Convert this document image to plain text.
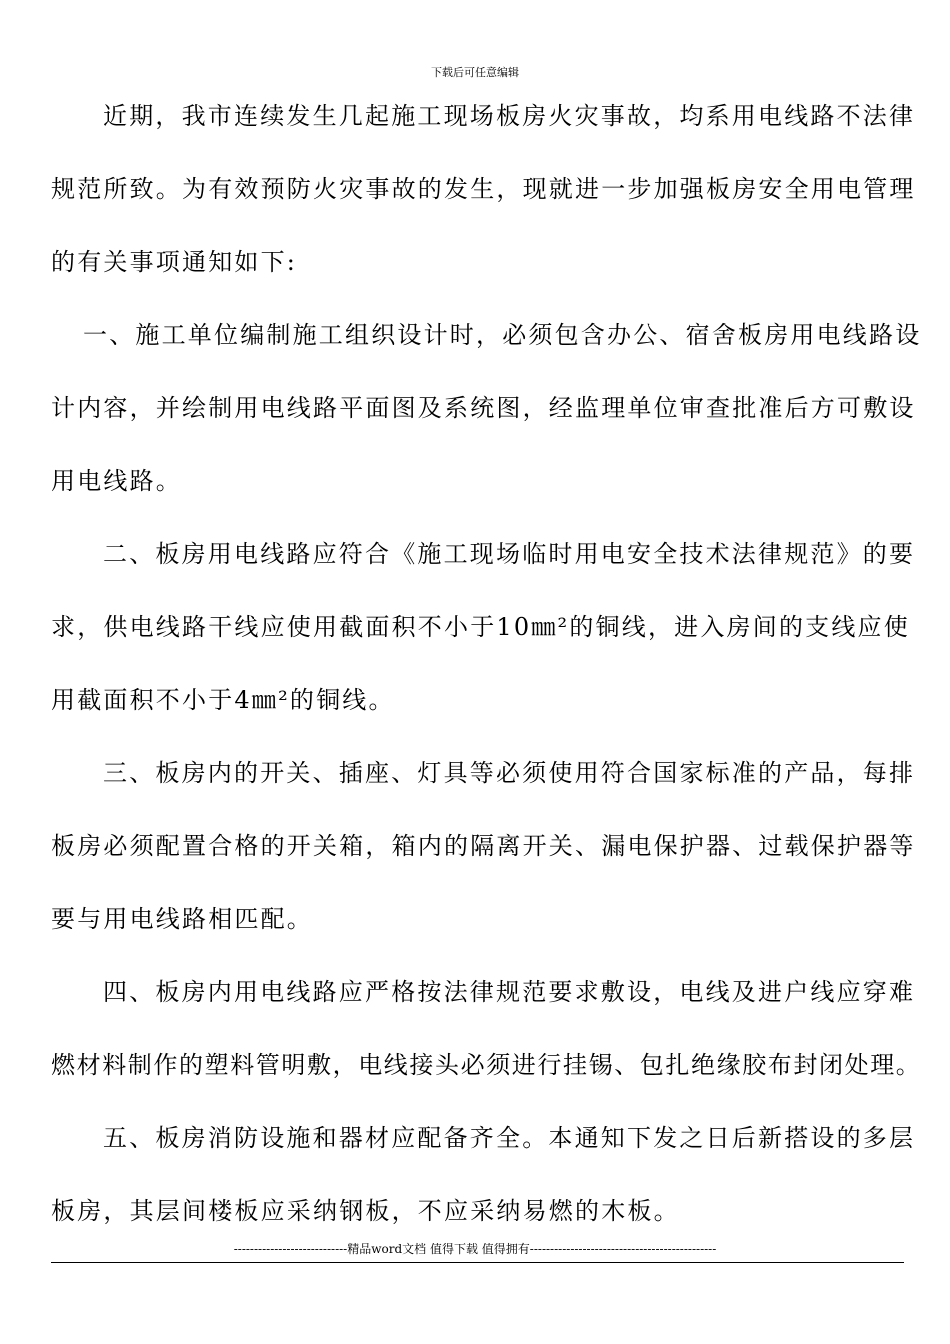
下载后可任意编辑
近期，我市连续发生几起施工现场板房火灾事故，均系用电线路不法律
规范所致。为有效预防火灾事故的发生，现就进一步加强板房安全用电管理
的有关事项通知如下:
一、施工单位编制施工组织设计时，必须包含办公、宿舍板房用电线路设
计内容，并绘制用电线路平面图及系统图，经监理单位审查批准后方可敷设
用电线路。
二、板房用电线路应符合《施工现场临时用电安全技术法律规范》的要
求，供电线路干线应使用截面积不小于10㎜²的铜线，进入房间的支线应使
用截面积不小于4㎜²的铜线。
三、板房内的开关、插座、灯具等必须使用符合国家标准的产品，每排
板房必须配置合格的开关箱，箱内的隔离开关、漏电保护器、过载保护器等
要与用电线路相匹配。
四、板房内用电线路应严格按法律规范要求敷设，电线及进户线应穿难
燃材料制作的塑料管明敷，电线接头必须进行挂锡、包扎绝缘胶布封闭处理。
五、板房消防设施和器材应配备齐全。本通知下发之日后新搭设的多层
板房，其层间楼板应采纳钢板，不应采纳易燃的木板。
----------------------------精品word文档 值得下载 值得拥有----------------------------------------------
